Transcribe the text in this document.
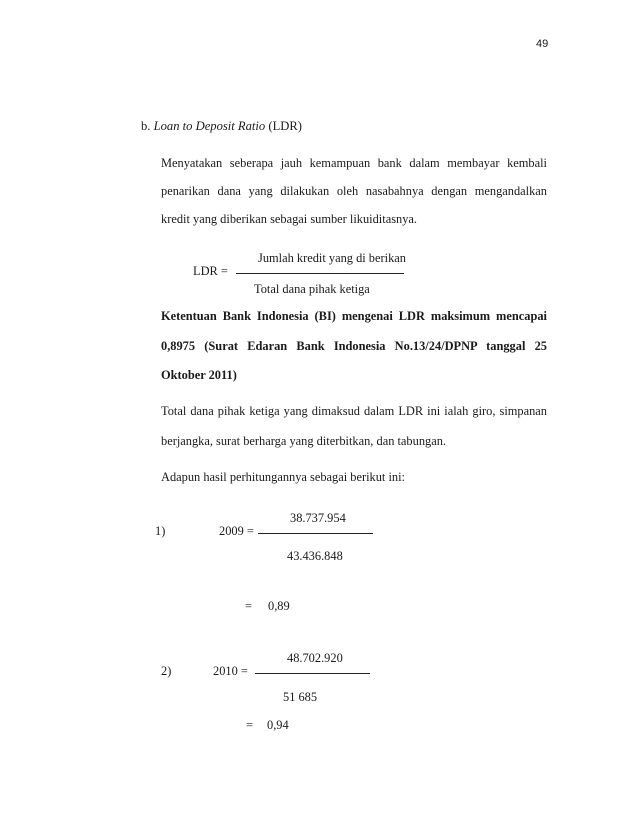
49
b. Loan to Deposit Ratio (LDR)
Menyatakan seberapa jauh kemampuan bank dalam membayar kembali
penarikan dana yang dilakukan oleh nasabahnya dengan mengandalkan
kredit yang diberikan sebagai sumber likuiditasnya.
Jumlah kredit yang di berikan
LDR =
Total dana pihak ketiga
Ketentuan Bank Indonesia (BI) mengenai LDR maksimum mencapai
0,8975 (Surat Edaran Bank Indonesia No.13/24/DPNP tanggal 25
Oktober 2011)
Total dana pihak ketiga yang dimaksud dalam LDR ini ialah giro, simpanan
berjangka, surat berharga yang diterbitkan, dan tabungan.
Adapun hasil perhitungannya sebagai berikut ini:
38.737.954
1)	2009 =
43.436.848
= 0,89
48.702.920
2)	2010 =
51 685
= 0,94
